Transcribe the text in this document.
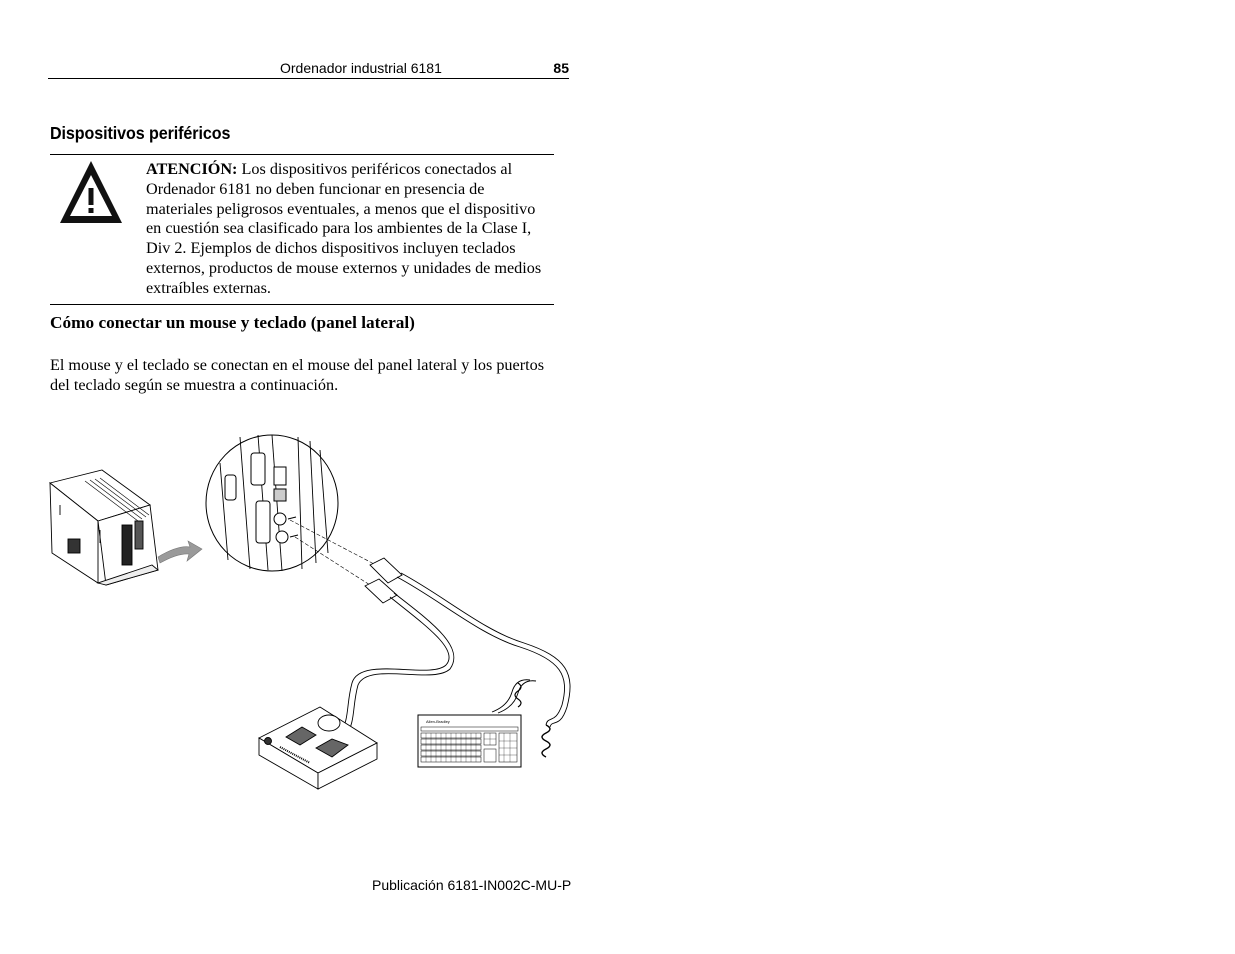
Ordenador industrial 6181	85
Dispositivos periféricos
ATENCIÓN: Los dispositivos periféricos conectados al Ordenador 6181 no deben funcionar en presencia de materiales peligrosos eventuales, a menos que el dispositivo en cuestión sea clasificado para los ambientes de la Clase I, Div 2. Ejemplos de dichos dispositivos incluyen teclados externos, productos de mouse externos y unidades de medios extraíbles externas.
Cómo conectar un mouse y teclado (panel lateral)
El mouse y el teclado se conectan en el mouse del panel lateral y los puertos del teclado según se muestra a continuación.
Allen-Bradley
Publicación 6181-IN002C-MU-P
